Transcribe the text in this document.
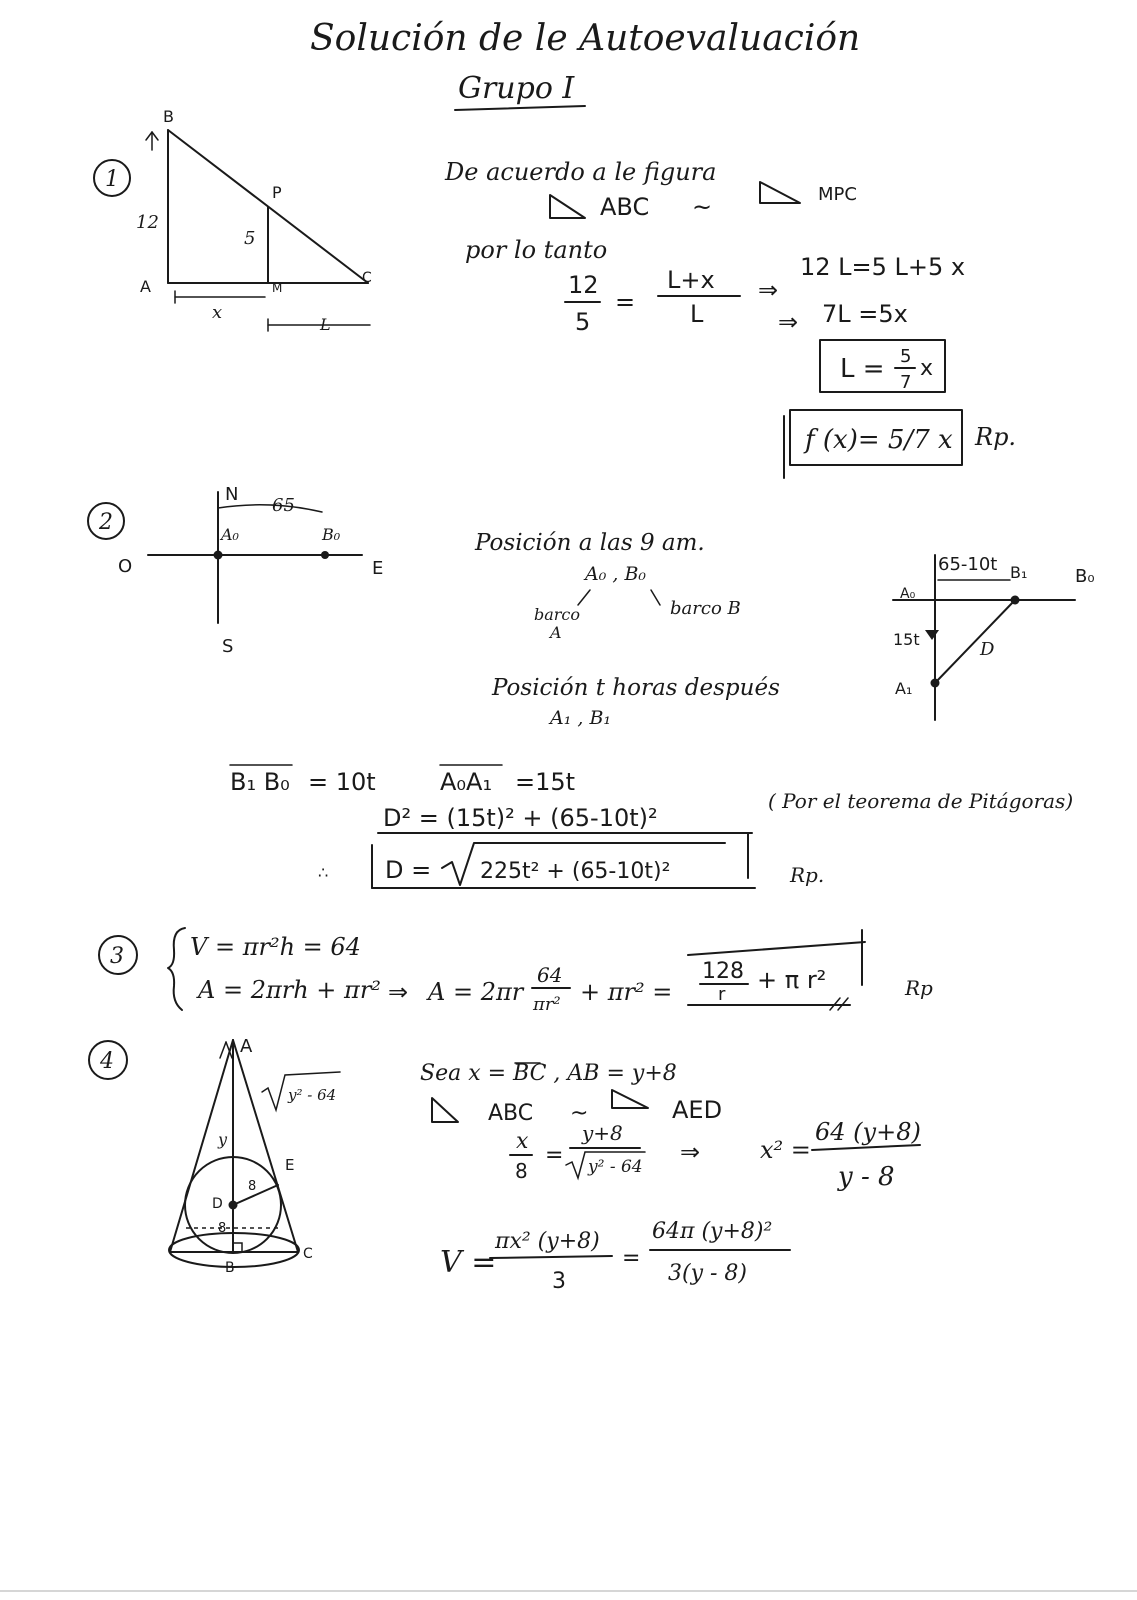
Solución de le Autoevaluación
Grupo I
1
B
P
A	M
C
12
5
x
L
De acuerdo a le figura
ABC ~	MPC
por lo tanto
12
5
=
L+x
L
⇒
12 L=5 L+5 x
⇒ 7L =5x
L = 5
7
x
f (x)= 5/7 x Rp.
2
N
65
A₀	B₀
O	E
S
Posición a las 9 am.
A₀ , B₀
barco
A
barco B
Posición t horas después
A₁ , B₁
65-10t B₁	B₀
A₀
15t	D
A₁
B₁ B₀ = 10t	A₀A₁ =15t
( Por el teorema de Pitágoras)
D² = (15t)² + (65-10t)²
∴ D = 225t² + (65-10t)²	Rp.
3	V = πr²h = 64
A = 2πrh + πr² ⇒ A = 2πr
64
πr² + πr² =
128
r
+ π r²	Rp
4
A
y² - 64
y
E
D
8
8
B
C
Sea x = BC , AB = y+8
ABC ~	AED
x
8
=
y+8
y² - 64
⇒ x² =
64 (y+8)
y - 8
V =
πx² (y+8)
3
=
64π (y+8)²
3(y - 8)
